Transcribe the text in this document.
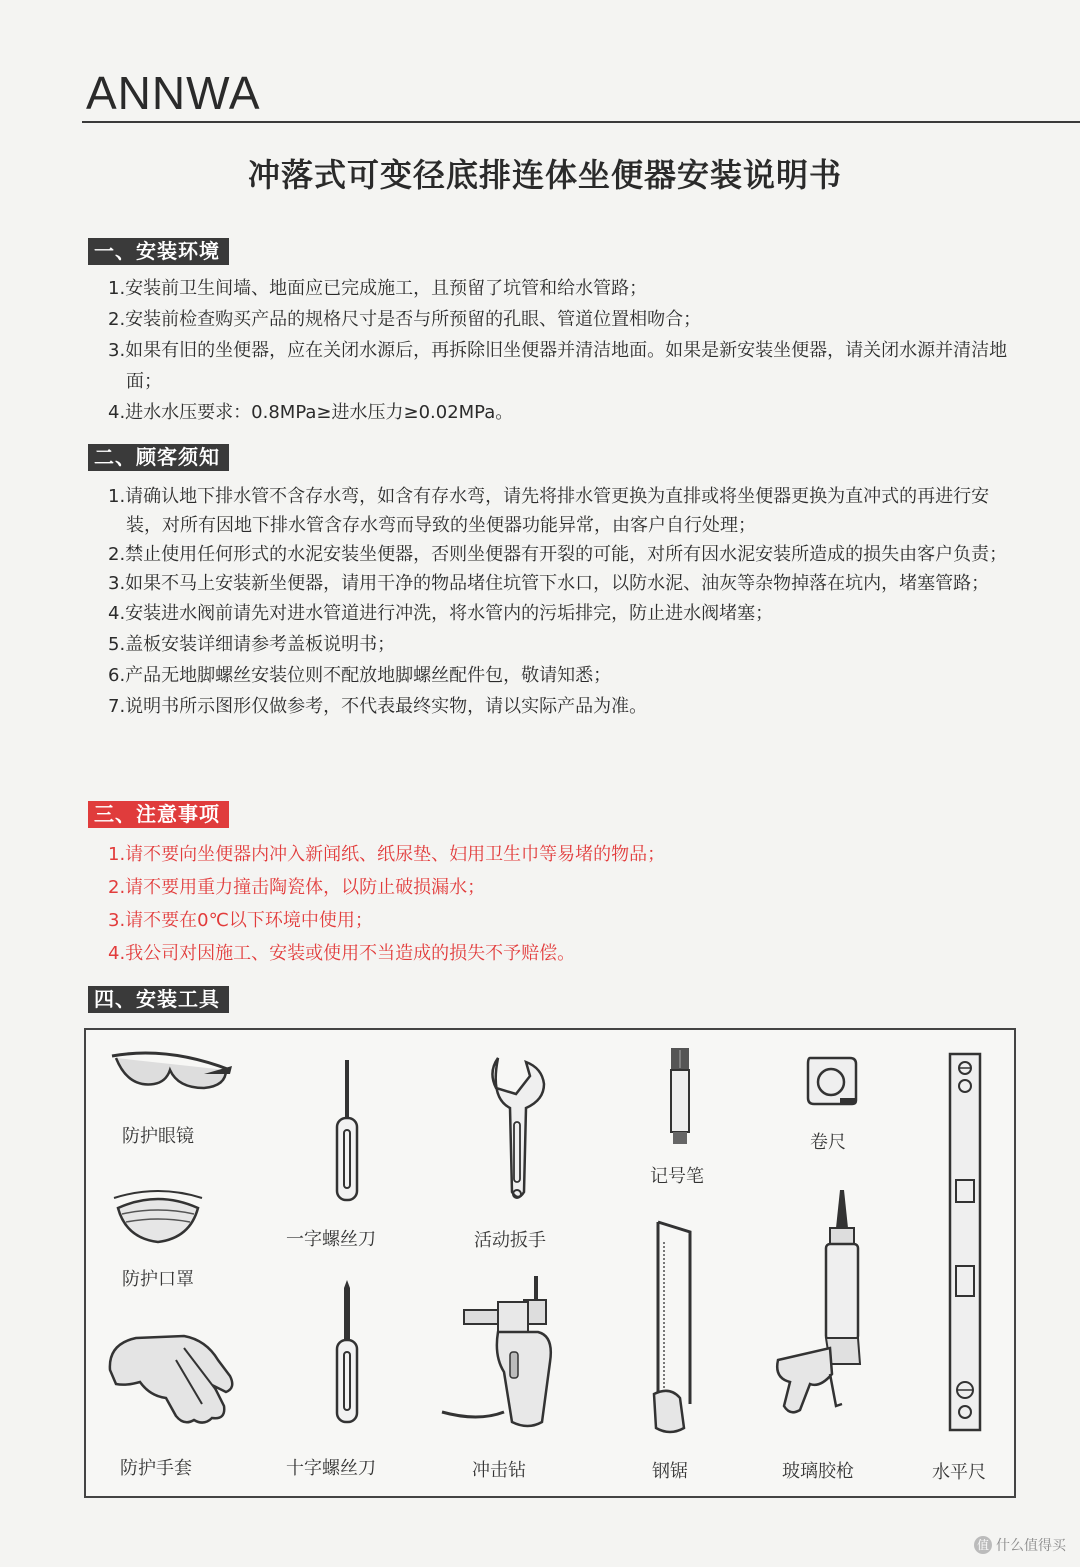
ANNWA
冲落式可变径底排连体坐便器安装说明书
一、安装环境
1.安装前卫生间墙、地面应已完成施工，且预留了坑管和给水管路；
2.安装前检查购买产品的规格尺寸是否与所预留的孔眼、管道位置相吻合；
3.如果有旧的坐便器，应在关闭水源后，再拆除旧坐便器并清洁地面。如果是新安装坐便器，请关闭水源并清洁地面；
4.进水水压要求：0.8MPa≥进水压力≥0.02MPa。
二、顾客须知
1.请确认地下排水管不含存水弯，如含有存水弯，请先将排水管更换为直排或将坐便器更换为直冲式的再进行安装，对所有因地下排水管含存水弯而导致的坐便器功能异常，由客户自行处理；
2.禁止使用任何形式的水泥安装坐便器，否则坐便器有开裂的可能，对所有因水泥安装所造成的损失由客户负责；
3.如果不马上安装新坐便器，请用干净的物品堵住坑管下水口，以防水泥、油灰等杂物掉落在坑内，堵塞管路；
4.安装进水阀前请先对进水管道进行冲洗，将水管内的污垢排完，防止进水阀堵塞；
5.盖板安装详细请参考盖板说明书；
6.产品无地脚螺丝安装位则不配放地脚螺丝配件包，敬请知悉；
7.说明书所示图形仅做参考，不代表最终实物，请以实际产品为准。
三、注意事项
1.请不要向坐便器内冲入新闻纸、纸尿垫、妇用卫生巾等易堵的物品；
2.请不要用重力撞击陶瓷体，以防止破损漏水；
3.请不要在0℃以下环境中使用；
4.我公司对因施工、安装或使用不当造成的损失不予赔偿。
四、安装工具
防护眼镜
防护口罩
防护手套
一字螺丝刀
十字螺丝刀
活动扳手
冲击钻
记号笔
钢锯
卷尺
玻璃胶枪	水平尺
值 什么值得买
